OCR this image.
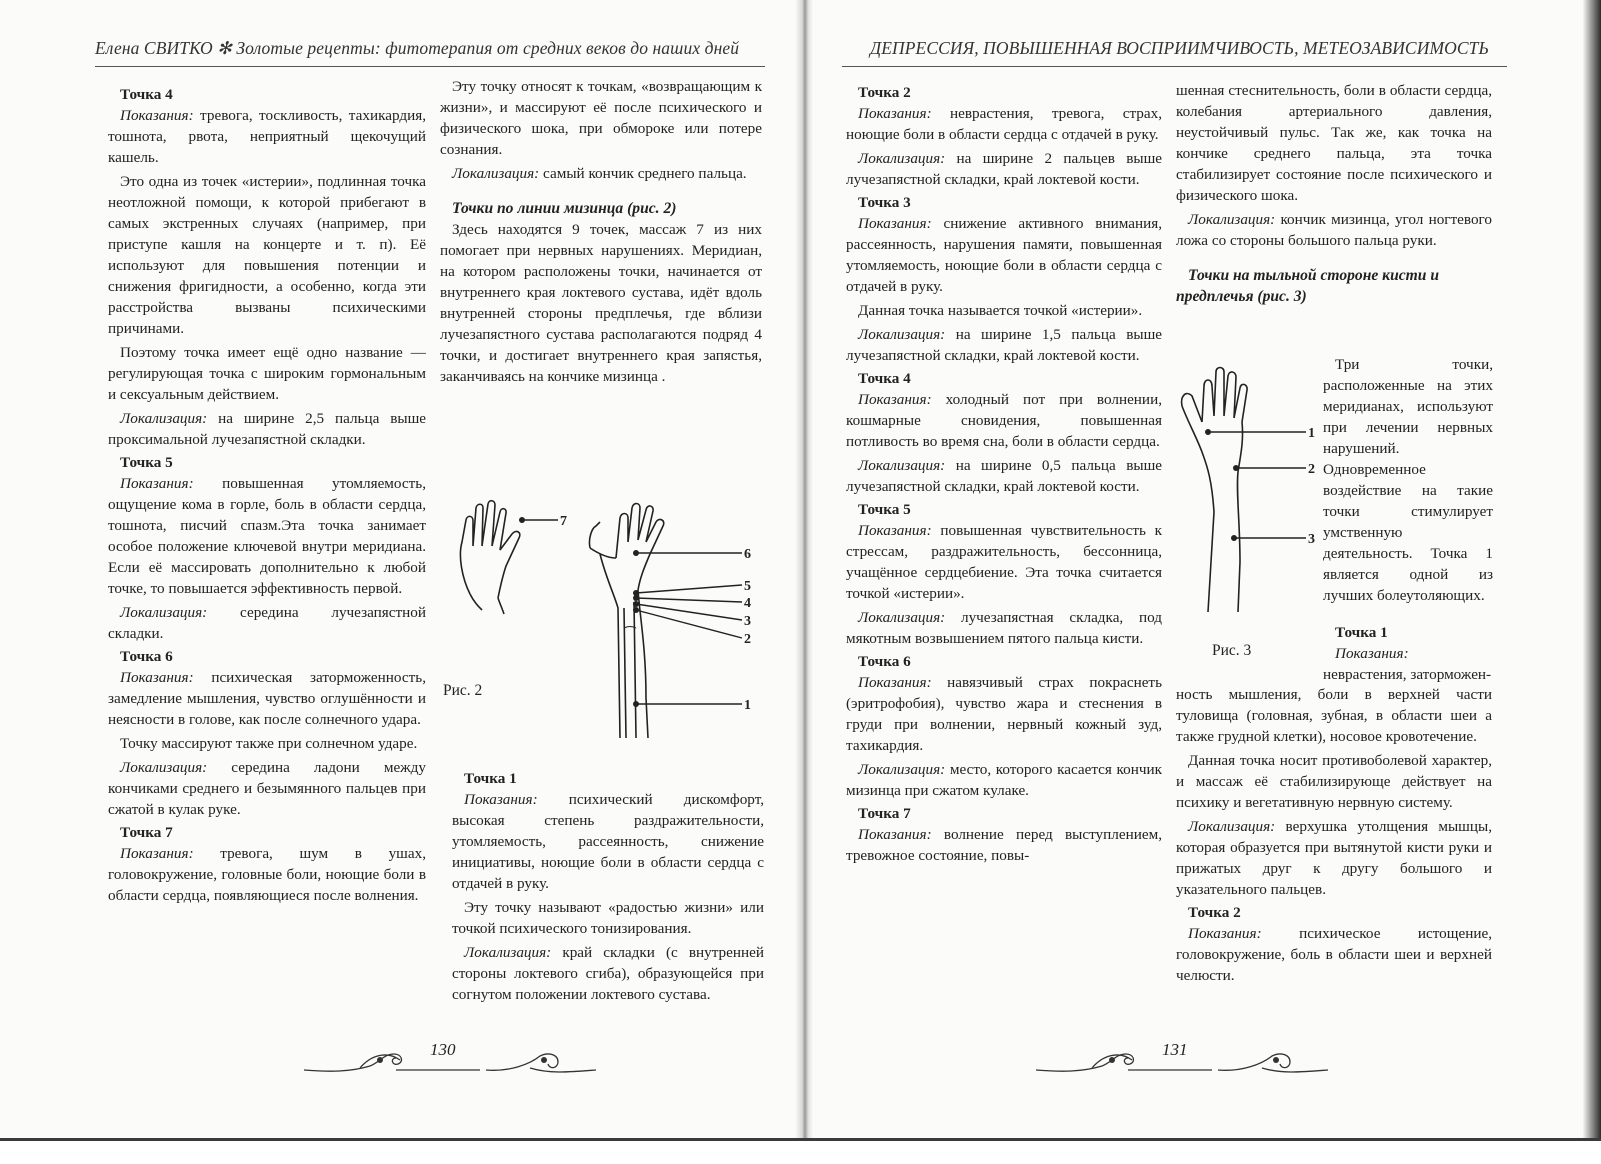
Елена СВИТКО ✻ Золотые рецепты: фитотерапия от средних веков до наших дней
Точка 4

Показания: тревога, тоскливость, тахикардия, тошнота, рвота, неприятный щекочущий кашель.

Это одна из точек «истерии», подлинная точка неотложной помощи, к которой прибегают в самых экстренных случаях (например, при приступе кашля на концерте и т. п). Её используют для повышения потенции и снижения фригидности, а особенно, когда эти расстройства вызваны психическими причинами.

Поэтому точка имеет ещё одно название — регулирующая точка с широким гормональным и сексуальным действием.

Локализация: на ширине 2,5 пальца выше проксимальной лучезапястной складки.

Точка 5

Показания: повышенная утомляемость, ощущение кома в горле, боль в области сердца, тошнота, писчий спазм.Эта точка занимает особое положение ключевой внутри меридиана. Если её массировать дополнительно к любой точке, то повышается эффективность первой.

Локализация: середина лучезапястной складки.

Точка 6

Показания: психическая заторможенность, замедление мышления, чувство оглушённости и неясности в голове, как после солнечного удара.

Точку массируют также при солнечном ударе.

Локализация: середина ладони между кончиками среднего и безымянного пальцев при сжатой в кулак руке.

Точка 7

Показания: тревога, шум в ушах, головокружение, головные боли, ноющие боли в области сердца, появляющиеся после волнения.

Эту точку относят к точкам, «возвращающим к жизни», и массируют её после психического и физического шока, при обмороке или потере сознания.

Локализация: самый кончик среднего пальца.

Точки по линии мизинца (рис. 2)

Здесь находятся 9 точек, массаж 7 из них помогает при нервных нарушениях. Меридиан, на котором расположены точки, начинается от внутреннего края локтевого сустава, идёт вдоль внутренней стороны предплечья, где вблизи лучезапястного сустава располагаются подряд 4 точки, и достигает внутреннего края запястья, заканчиваясь на кончике мизинца .

7
6
5
4
3
2
1
Рис. 2
Точка 1

Показания: психический дискомфорт, высокая степень раздражительности, утомляемость, рассеянность, снижение инициативы, ноющие боли в области сердца с отдачей в руку.

Эту точку называют «радостью жизни» или точкой психического тонизирования.

Локализация: край складки (с внутренней стороны локтевого сгиба), образующейся при согнутом положении локтевого сустава.

130
ДЕПРЕССИЯ, ПОВЫШЕННАЯ ВОСПРИИМЧИВОСТЬ, МЕТЕОЗАВИСИМОСТЬ
Точка 2

Показания: неврастения, тревога, страх, ноющие боли в области сердца с отдачей в руку.

Локализация: на ширине 2 пальцев выше лучезапястной складки, край локтевой кости.

Точка 3

Показания: снижение активного внимания, рассеянность, нарушения памяти, повышенная утомляемость, ноющие боли в области сердца с отдачей в руку.

Данная точка называется точкой «истерии».

Локализация: на ширине 1,5 пальца выше лучезапястной складки, край локтевой кости.

Точка 4

Показания: холодный пот при волнении, кошмарные сновидения, повышенная потливость во время сна, боли в области сердца.

Локализация: на ширине 0,5 пальца выше лучезапястной складки, край локтевой кости.

Точка 5

Показания: повышенная чувствительность к стрессам, раздражительность, бессонница, учащённое сердцебиение. Эта точка считается точкой «истерии».

Локализация: лучезапястная складка, под мякотным возвышением пятого пальца кисти.

Точка 6

Показания: навязчивый страх покраснеть (эритрофобия), чувство жара и стеснения в груди при волнении, нервный кожный зуд, тахикардия.

Локализация: место, которого касается кончик мизинца при сжатом кулаке.

Точка 7

Показания: волнение перед выступлением, тревожное состояние, повы-

шенная стеснительность, боли в области сердца, колебания артериального давления, неустойчивый пульс. Так же, как точка на кончике среднего пальца, эта точка стабилизирует состояние после психического и физического шока.

Локализация: кончик мизинца, угол ногтевого ложа со стороны большого пальца руки.

Точки на тыльной стороне кисти и предплечья (рис. 3)
1
2
3
Рис. 3

Три точки, расположенные на этих меридианах, используют при лечении нервных нарушений. Одновременное воздействие на такие точки стимулирует умственную деятельность. Точка 1 является одной из лучших болеутоляющих.

Точка 1

Показания: неврастения, заторможен-

ность мышления, боли в верхней части туловища (головная, зубная, в области шеи а также грудной клетки), носовое кровотечение.

Данная точка носит противоболевой характер, и массаж её стабилизирующе действует на психику и вегетативную нервную систему.

Локализация: верхушка утолщения мышцы, которая образуется при вытянутой кисти руки и прижатых друг к другу большого и указательного пальцев.

Точка 2

Показания: психическое истощение, головокружение, боль в области шеи и верхней челюсти.

131
